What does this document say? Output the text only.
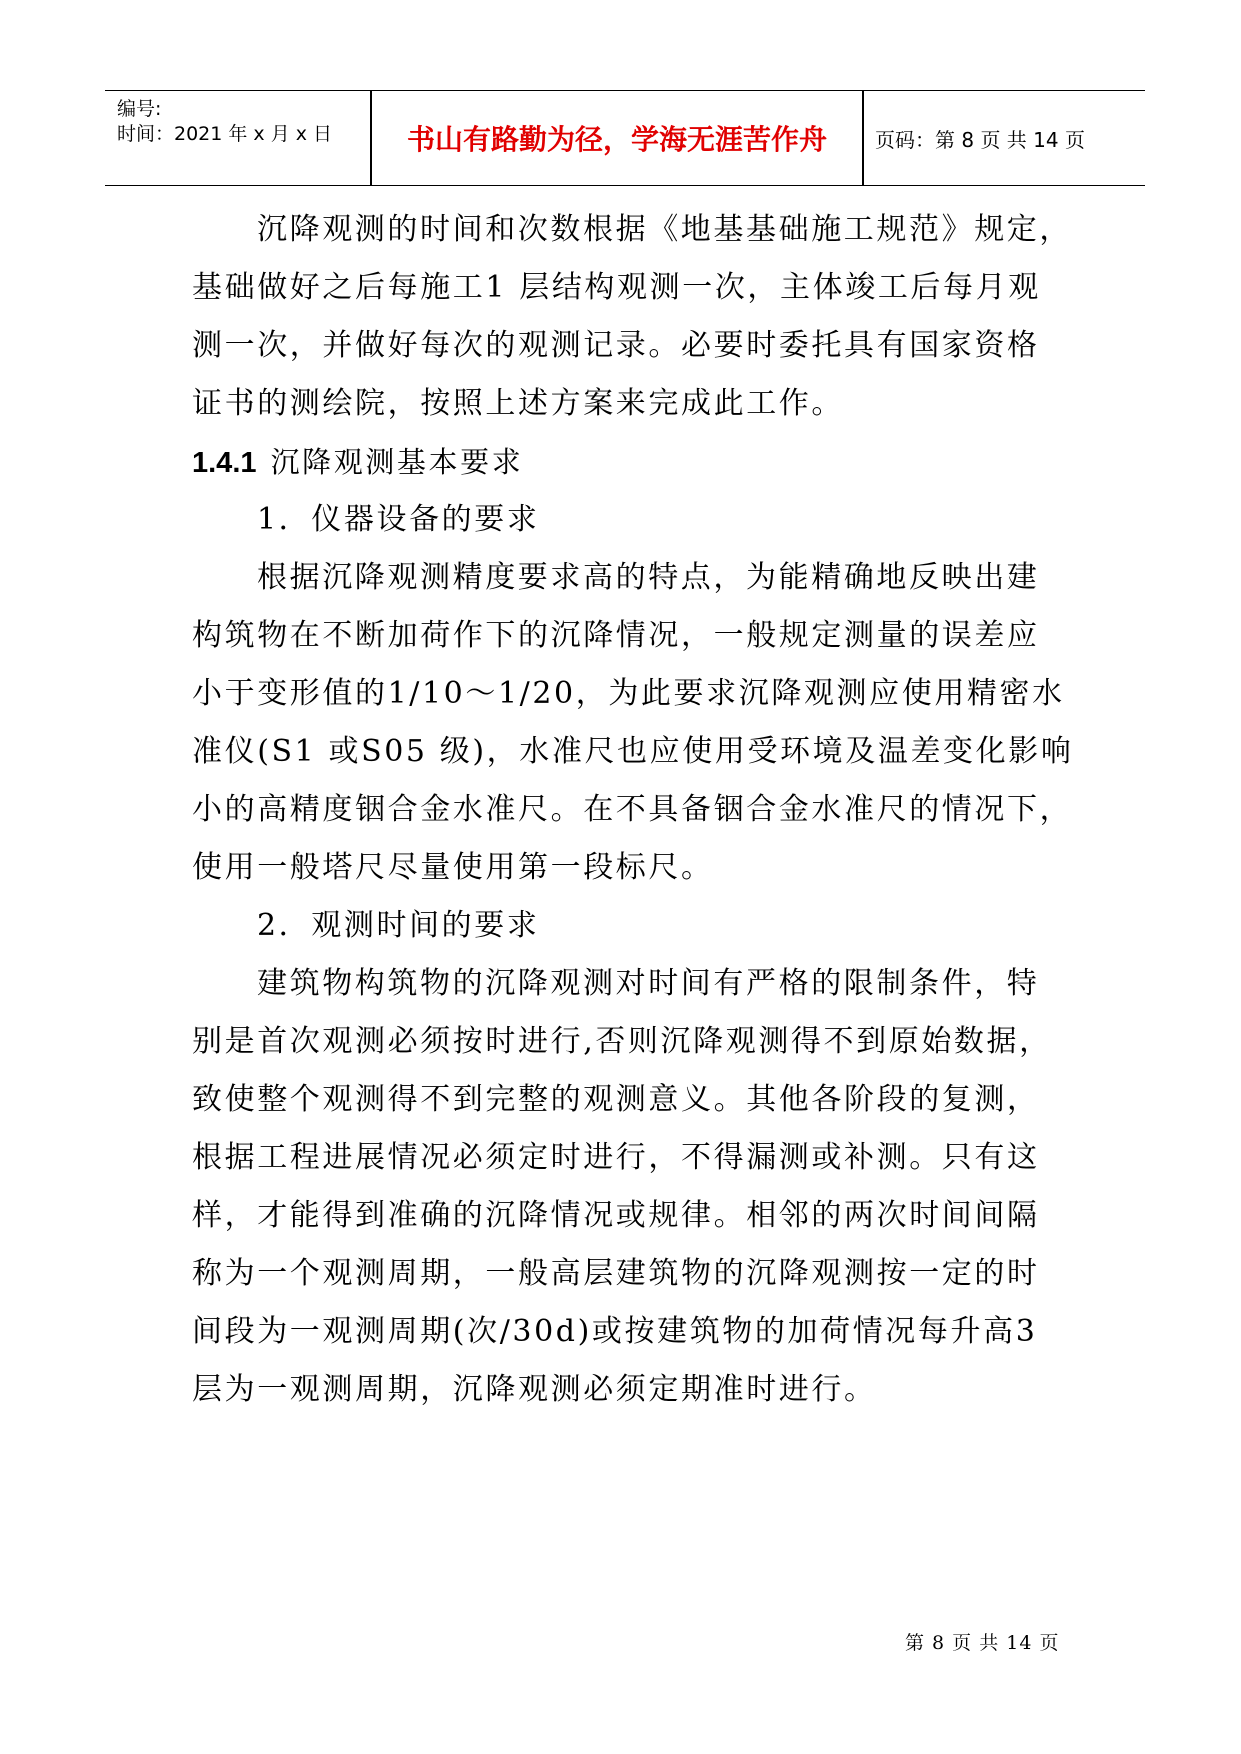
编号:
时间：2021 年 x 月 x 日	书山有路勤为径，学海无涯苦作舟	页码：第 8 页 共 14 页
沉降观测的时间和次数根据《地基基础施工规范》规定，
基础做好之后每施工1 层结构观测一次，主体竣工后每月观
测一次，并做好每次的观测记录。必要时委托具有国家资格
证书的测绘院，按照上述方案来完成此工作。
1.4.1 沉降观测基本要求
1．仪器设备的要求
根据沉降观测精度要求高的特点，为能精确地反映出建
构筑物在不断加荷作下的沉降情况，一般规定测量的误差应
小于变形值的1/10～1/20，为此要求沉降观测应使用精密水
准仪(S1 或S05 级)，水准尺也应使用受环境及温差变化影响
小的高精度铟合金水准尺。在不具备铟合金水准尺的情况下，
使用一般塔尺尽量使用第一段标尺。
2．观测时间的要求
建筑物构筑物的沉降观测对时间有严格的限制条件，特
别是首次观测必须按时进行,否则沉降观测得不到原始数据，
致使整个观测得不到完整的观测意义。其他各阶段的复测，
根据工程进展情况必须定时进行，不得漏测或补测。只有这
样，才能得到准确的沉降情况或规律。相邻的两次时间间隔
称为一个观测周期，一般高层建筑物的沉降观测按一定的时
间段为一观测周期(次/30d)或按建筑物的加荷情况每升高3
层为一观测周期，沉降观测必须定期准时进行。
第 8 页 共 14 页
